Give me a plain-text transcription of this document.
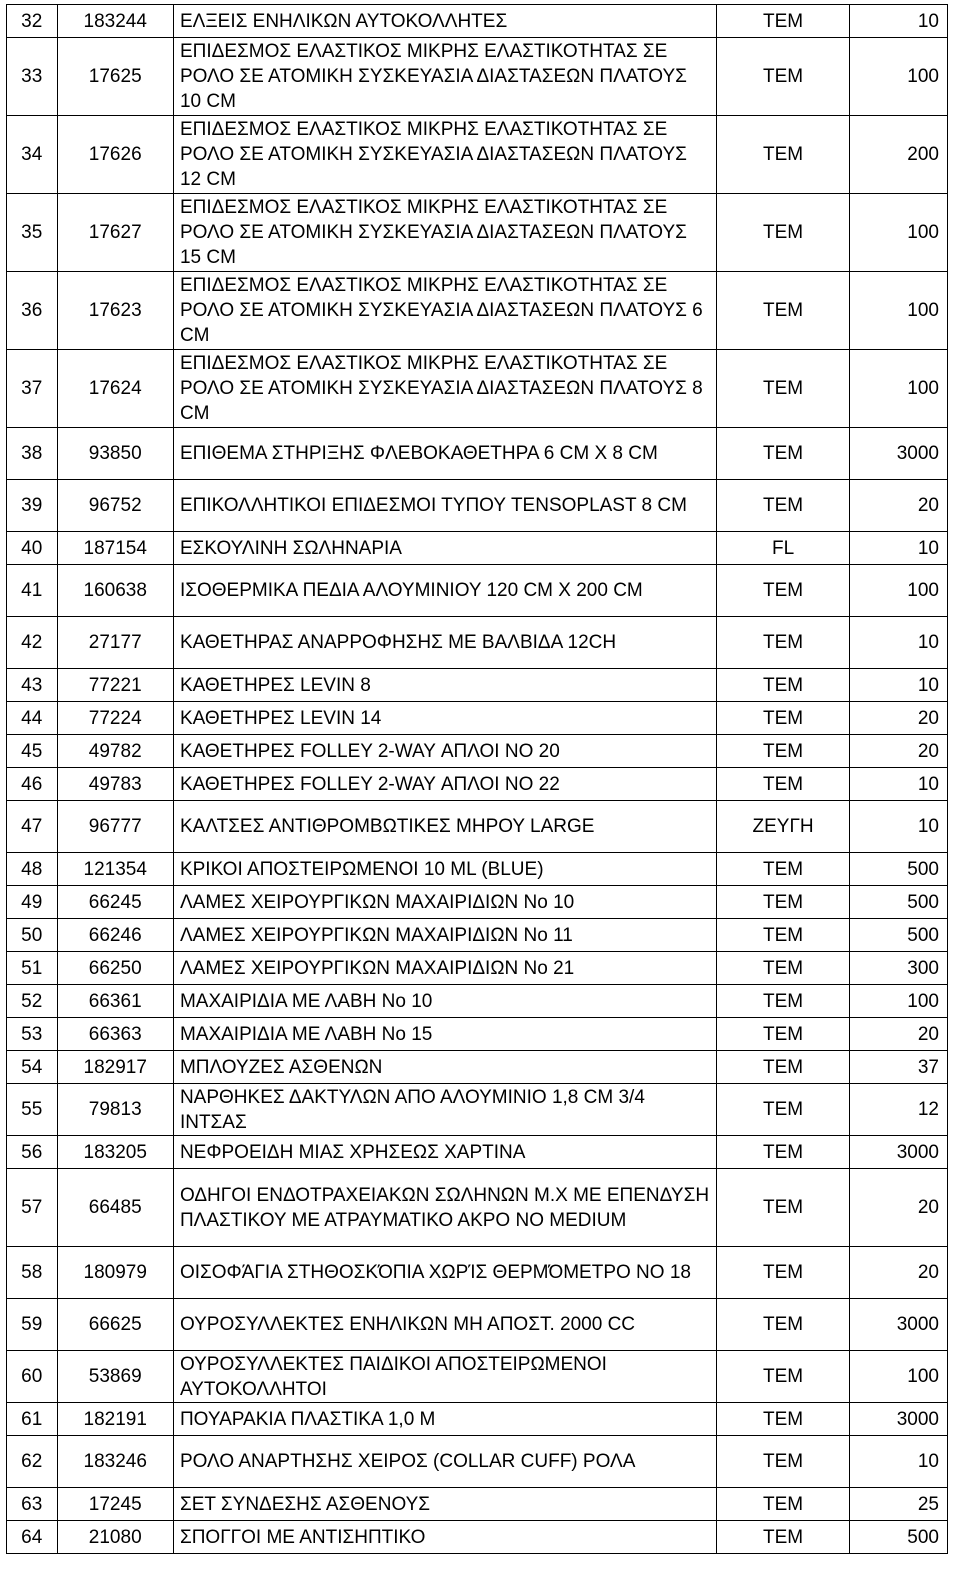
32	183244	ΕΛΞΕΙΣ ΕΝΗΛΙΚΩΝ ΑΥΤΟΚΟΛΛΗΤΕΣ	ΤΕΜ	10
33	17625	ΕΠΙΔΕΣΜΟΣ ΕΛΑΣΤΙΚΟΣ ΜΙΚΡΗΣ ΕΛΑΣΤΙΚΟΤΗΤΑΣ ΣΕ ΡΟΛΟ ΣΕ ΑΤΟΜΙΚΗ ΣΥΣΚΕΥΑΣΙΑ ΔΙΑΣΤΑΣΕΩΝ ΠΛΑΤΟΥΣ 10 CM	ΤΕΜ	100
34	17626	ΕΠΙΔΕΣΜΟΣ ΕΛΑΣΤΙΚΟΣ ΜΙΚΡΗΣ ΕΛΑΣΤΙΚΟΤΗΤΑΣ ΣΕ ΡΟΛΟ ΣΕ ΑΤΟΜΙΚΗ ΣΥΣΚΕΥΑΣΙΑ ΔΙΑΣΤΑΣΕΩΝ ΠΛΑΤΟΥΣ 12 CM	ΤΕΜ	200
35	17627	ΕΠΙΔΕΣΜΟΣ ΕΛΑΣΤΙΚΟΣ ΜΙΚΡΗΣ ΕΛΑΣΤΙΚΟΤΗΤΑΣ ΣΕ ΡΟΛΟ ΣΕ ΑΤΟΜΙΚΗ ΣΥΣΚΕΥΑΣΙΑ ΔΙΑΣΤΑΣΕΩΝ ΠΛΑΤΟΥΣ 15 CM	ΤΕΜ	100
36	17623	ΕΠΙΔΕΣΜΟΣ ΕΛΑΣΤΙΚΟΣ ΜΙΚΡΗΣ ΕΛΑΣΤΙΚΟΤΗΤΑΣ ΣΕ ΡΟΛΟ ΣΕ ΑΤΟΜΙΚΗ ΣΥΣΚΕΥΑΣΙΑ ΔΙΑΣΤΑΣΕΩΝ ΠΛΑΤΟΥΣ 6 CM	ΤΕΜ	100
37	17624	ΕΠΙΔΕΣΜΟΣ ΕΛΑΣΤΙΚΟΣ ΜΙΚΡΗΣ ΕΛΑΣΤΙΚΟΤΗΤΑΣ ΣΕ ΡΟΛΟ ΣΕ ΑΤΟΜΙΚΗ ΣΥΣΚΕΥΑΣΙΑ ΔΙΑΣΤΑΣΕΩΝ ΠΛΑΤΟΥΣ 8 CM	ΤΕΜ	100
38	93850	ΕΠΙΘΕΜΑ ΣΤΗΡΙΞΗΣ ΦΛΕΒΟΚΑΘΕΤΗΡΑ 6 CM X 8 CM	ΤΕΜ	3000
39	96752	ΕΠΙΚΟΛΛΗΤΙΚΟΙ ΕΠΙΔΕΣΜΟΙ ΤΥΠΟΥ TENSOPLAST 8 CM	ΤΕΜ	20
40	187154	ΕΣΚΟΥΛΙΝΗ ΣΩΛΗΝΑΡΙΑ	FL	10
41	160638	ΙΣΟΘΕΡΜΙΚΑ ΠΕΔΙΑ ΑΛΟΥΜΙΝΙΟΥ 120 CM X 200 CM	ΤΕΜ	100
42	27177	ΚΑΘΕΤΗΡΑΣ ΑΝΑΡΡΟΦΗΣΗΣ ΜΕ ΒΑΛΒΙΔΑ 12CH	ΤΕΜ	10
43	77221	ΚΑΘΕΤΗΡΕΣ LEVIN 8	ΤΕΜ	10
44	77224	ΚΑΘΕΤΗΡΕΣ LEVIN 14	ΤΕΜ	20
45	49782	ΚΑΘΕΤΗΡΕΣ FOLLEY 2-WAY ΑΠΛΟΙ ΝΟ 20	ΤΕΜ	20
46	49783	ΚΑΘΕΤΗΡΕΣ FOLLEY 2-WAY ΑΠΛΟΙ ΝΟ 22	ΤΕΜ	10
47	96777	ΚΑΛΤΣΕΣ ΑΝΤΙΘΡΟΜΒΩΤΙΚΕΣ ΜΗΡΟΥ LARGE	ΖΕΥΓΗ	10
48	121354	ΚΡΙΚΟΙ ΑΠΟΣΤΕΙΡΩΜΕΝΟΙ 10 ML (BLUE)	ΤΕΜ	500
49	66245	ΛΑΜΕΣ ΧΕΙΡΟΥΡΓΙΚΩΝ ΜΑΧΑΙΡΙΔΙΩΝ Νο 10	ΤΕΜ	500
50	66246	ΛΑΜΕΣ ΧΕΙΡΟΥΡΓΙΚΩΝ ΜΑΧΑΙΡΙΔΙΩΝ Νο 11	ΤΕΜ	500
51	66250	ΛΑΜΕΣ ΧΕΙΡΟΥΡΓΙΚΩΝ ΜΑΧΑΙΡΙΔΙΩΝ Νο 21	ΤΕΜ	300
52	66361	ΜΑΧΑΙΡΙΔΙΑ ΜΕ ΛΑΒΗ Νο 10	ΤΕΜ	100
53	66363	ΜΑΧΑΙΡΙΔΙΑ ΜΕ ΛΑΒΗ Νο 15	ΤΕΜ	20
54	182917	ΜΠΛΟΥΖΕΣ ΑΣΘΕΝΩΝ	ΤΕΜ	37
55	79813	ΝΑΡΘΗΚΕΣ ΔΑΚΤΥΛΩΝ ΑΠΟ ΑΛΟΥΜΙΝΙΟ 1,8 CM 3/4 ΙΝΤΣΑΣ	ΤΕΜ	12
56	183205	ΝΕΦΡΟΕΙΔΗ ΜΙΑΣ ΧΡΗΣΕΩΣ ΧΑΡΤΙΝΑ	ΤΕΜ	3000
57	66485	ΟΔΗΓΟΙ ΕΝΔΟΤΡΑΧΕΙΑΚΩΝ ΣΩΛΗΝΩΝ Μ.Χ ΜΕ ΕΠΕΝΔΥΣΗ ΠΛΑΣΤΙΚΟΥ ΜΕ ΑΤΡΑΥΜΑΤΙΚΟ ΑΚΡΟ ΝΟ MEDIUM	ΤΕΜ	20
58	180979	ΟΙΣΟΦΆΓΙΑ ΣΤΗΘΟΣΚΌΠΙΑ ΧΩΡΊΣ ΘΕΡΜΌΜΕΤΡΟ ΝΟ 18	ΤΕΜ	20
59	66625	ΟΥΡΟΣΥΛΛΕΚΤΕΣ ΕΝΗΛΙΚΩΝ ΜΗ ΑΠΟΣΤ. 2000 CC	ΤΕΜ	3000
60	53869	ΟΥΡΟΣΥΛΛΕΚΤΕΣ ΠΑΙΔΙΚΟΙ ΑΠΟΣΤΕΙΡΩΜΕΝΟΙ ΑΥΤΟΚΟΛΛΗΤΟΙ	ΤΕΜ	100
61	182191	ΠΟΥΑΡΑΚΙΑ ΠΛΑΣΤΙΚΑ 1,0 Μ	ΤΕΜ	3000
62	183246	ΡΟΛΟ ΑΝΑΡΤΗΣΗΣ ΧΕΙΡΟΣ (COLLAR CUFF) ΡΟΛΑ	ΤΕΜ	10
63	17245	ΣΕΤ ΣΥΝΔΕΣΗΣ ΑΣΘΕΝΟΥΣ	ΤΕΜ	25
64	21080	ΣΠΟΓΓΟΙ ΜΕ ΑΝΤΙΣΗΠΤΙΚΟ	ΤΕΜ	500
